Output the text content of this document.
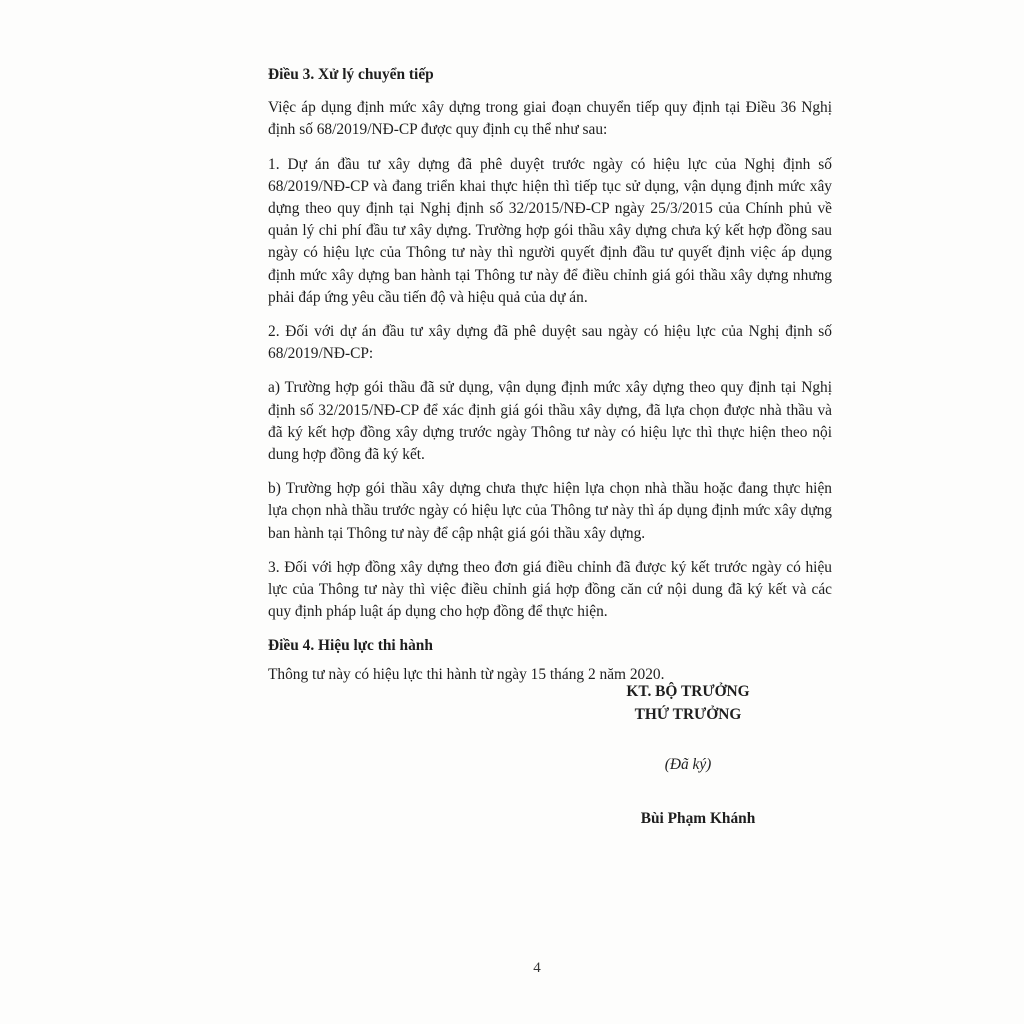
Điều 3. Xử lý chuyển tiếp

Việc áp dụng định mức xây dựng trong giai đoạn chuyển tiếp quy định tại Điều 36 Nghị định số 68/2019/NĐ-CP được quy định cụ thể như sau:

1. Dự án đầu tư xây dựng đã phê duyệt trước ngày có hiệu lực của Nghị định số 68/2019/NĐ-CP và đang triển khai thực hiện thì tiếp tục sử dụng, vận dụng định mức xây dựng theo quy định tại Nghị định số 32/2015/NĐ-CP ngày 25/3/2015 của Chính phủ về quản lý chi phí đầu tư xây dựng. Trường hợp gói thầu xây dựng chưa ký kết hợp đồng sau ngày có hiệu lực của Thông tư này thì người quyết định đầu tư quyết định việc áp dụng định mức xây dựng ban hành tại Thông tư này để điều chỉnh giá gói thầu xây dựng nhưng phải đáp ứng yêu cầu tiến độ và hiệu quả của dự án.

2. Đối với dự án đầu tư xây dựng đã phê duyệt sau ngày có hiệu lực của Nghị định số 68/2019/NĐ-CP:

a) Trường hợp gói thầu đã sử dụng, vận dụng định mức xây dựng theo quy định tại Nghị định số 32/2015/NĐ-CP để xác định giá gói thầu xây dựng, đã lựa chọn được nhà thầu và đã ký kết hợp đồng xây dựng trước ngày Thông tư này có hiệu lực thì thực hiện theo nội dung hợp đồng đã ký kết.

b) Trường hợp gói thầu xây dựng chưa thực hiện lựa chọn nhà thầu hoặc đang thực hiện lựa chọn nhà thầu trước ngày có hiệu lực của Thông tư này thì áp dụng định mức xây dựng ban hành tại Thông tư này để cập nhật giá gói thầu xây dựng.

3. Đối với hợp đồng xây dựng theo đơn giá điều chỉnh đã được ký kết trước ngày có hiệu lực của Thông tư này thì việc điều chỉnh giá hợp đồng căn cứ nội dung đã ký kết và các quy định pháp luật áp dụng cho hợp đồng để thực hiện.

Điều 4. Hiệu lực thi hành

Thông tư này có hiệu lực thi hành từ ngày 15 tháng 2 năm 2020.

KT. BỘ TRƯỞNG
THỨ TRƯỞNG
(Đã ký)
Bùi Phạm Khánh
4
